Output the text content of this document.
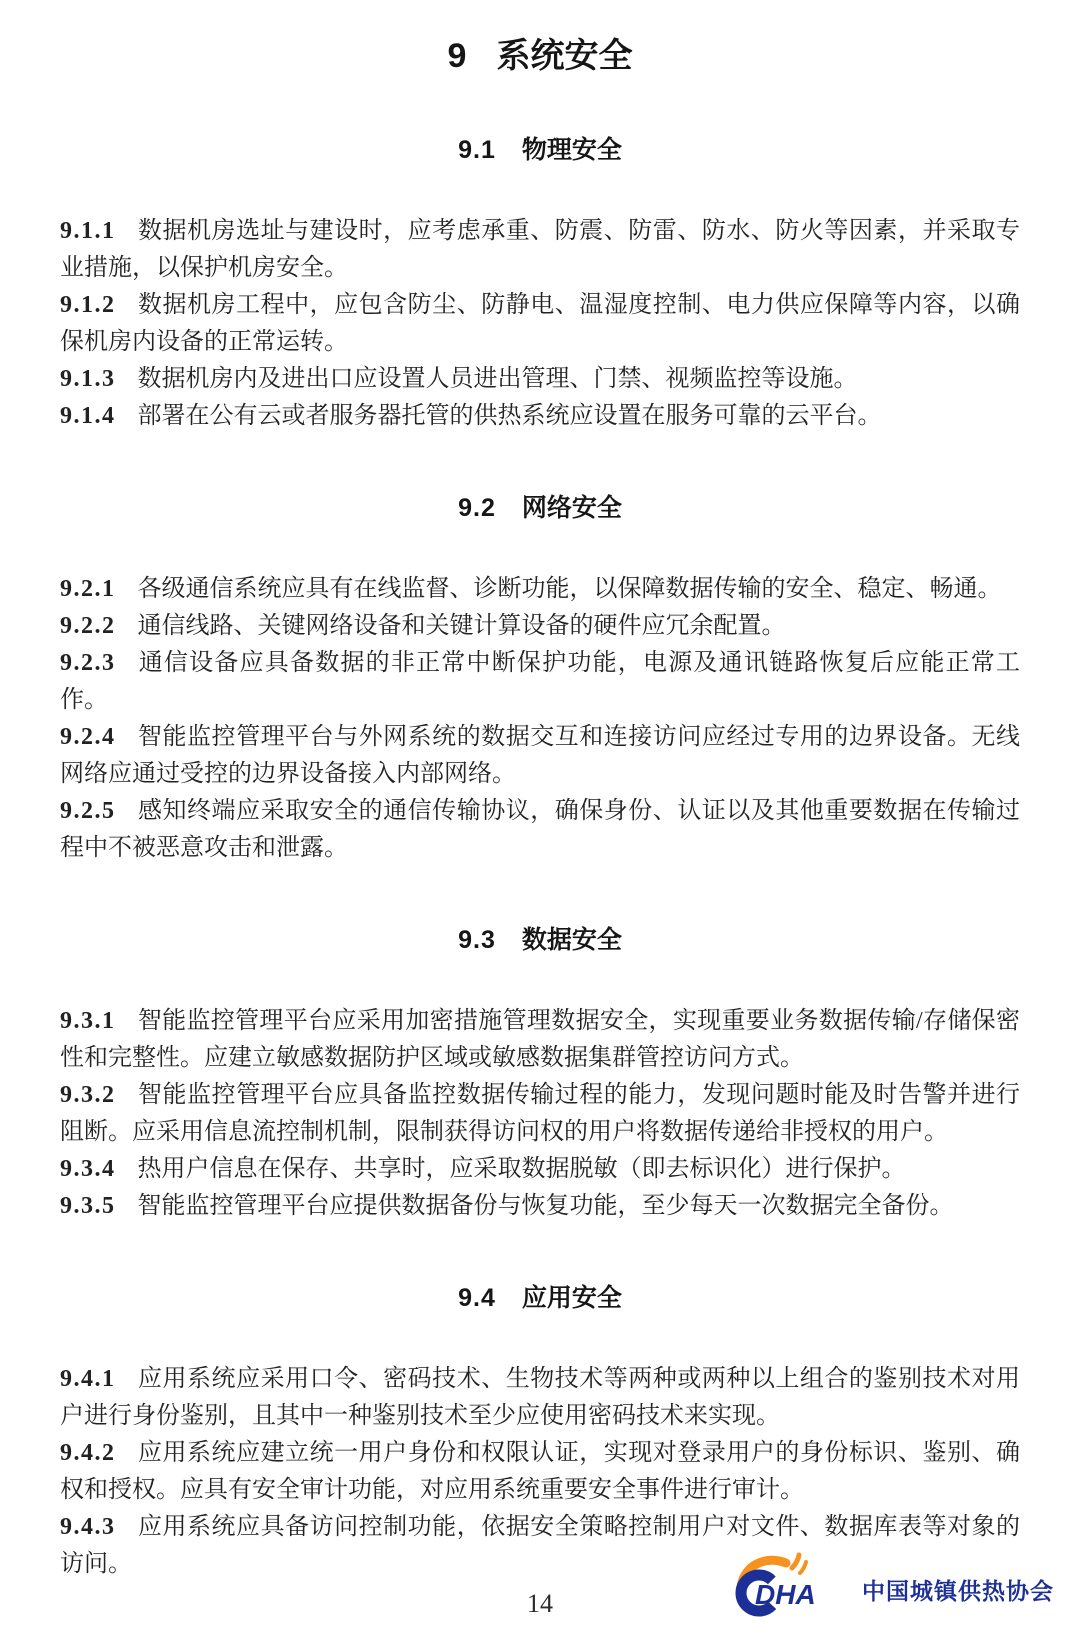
9 系统安全
9.1 物理安全

9.1.1 数据机房选址与建设时，应考虑承重、防震、防雷、防水、防火等因素，并采取专业措施，以保护机房安全。

9.1.2 数据机房工程中，应包含防尘、防静电、温湿度控制、电力供应保障等内容，以确保机房内设备的正常运转。

9.1.3 数据机房内及进出口应设置人员进出管理、门禁、视频监控等设施。

9.1.4 部署在公有云或者服务器托管的供热系统应设置在服务可靠的云平台。

9.2 网络安全

9.2.1 各级通信系统应具有在线监督、诊断功能，以保障数据传输的安全、稳定、畅通。

9.2.2 通信线路、关键网络设备和关键计算设备的硬件应冗余配置。

9.2.3 通信设备应具备数据的非正常中断保护功能，电源及通讯链路恢复后应能正常工作。

9.2.4 智能监控管理平台与外网系统的数据交互和连接访问应经过专用的边界设备。无线网络应通过受控的边界设备接入内部网络。

9.2.5 感知终端应采取安全的通信传输协议，确保身份、认证以及其他重要数据在传输过程中不被恶意攻击和泄露。

9.3 数据安全

9.3.1 智能监控管理平台应采用加密措施管理数据安全，实现重要业务数据传输/存储保密性和完整性。应建立敏感数据防护区域或敏感数据集群管控访问方式。

9.3.2 智能监控管理平台应具备监控数据传输过程的能力，发现问题时能及时告警并进行阻断。应采用信息流控制机制，限制获得访问权的用户将数据传递给非授权的用户。

9.3.4 热用户信息在保存、共享时，应采取数据脱敏（即去标识化）进行保护。

9.3.5 智能监控管理平台应提供数据备份与恢复功能，至少每天一次数据完全备份。

9.4 应用安全

9.4.1 应用系统应采用口令、密码技术、生物技术等两种或两种以上组合的鉴别技术对用户进行身份鉴别，且其中一种鉴别技术至少应使用密码技术来实现。

9.4.2 应用系统应建立统一用户身份和权限认证，实现对登录用户的身份标识、鉴别、确权和授权。应具有安全审计功能，对应用系统重要安全事件进行审计。

9.4.3 应用系统应具备访问控制功能，依据安全策略控制用户对文件、数据库表等对象的访问。

14	DHA 中国城镇供热协会
